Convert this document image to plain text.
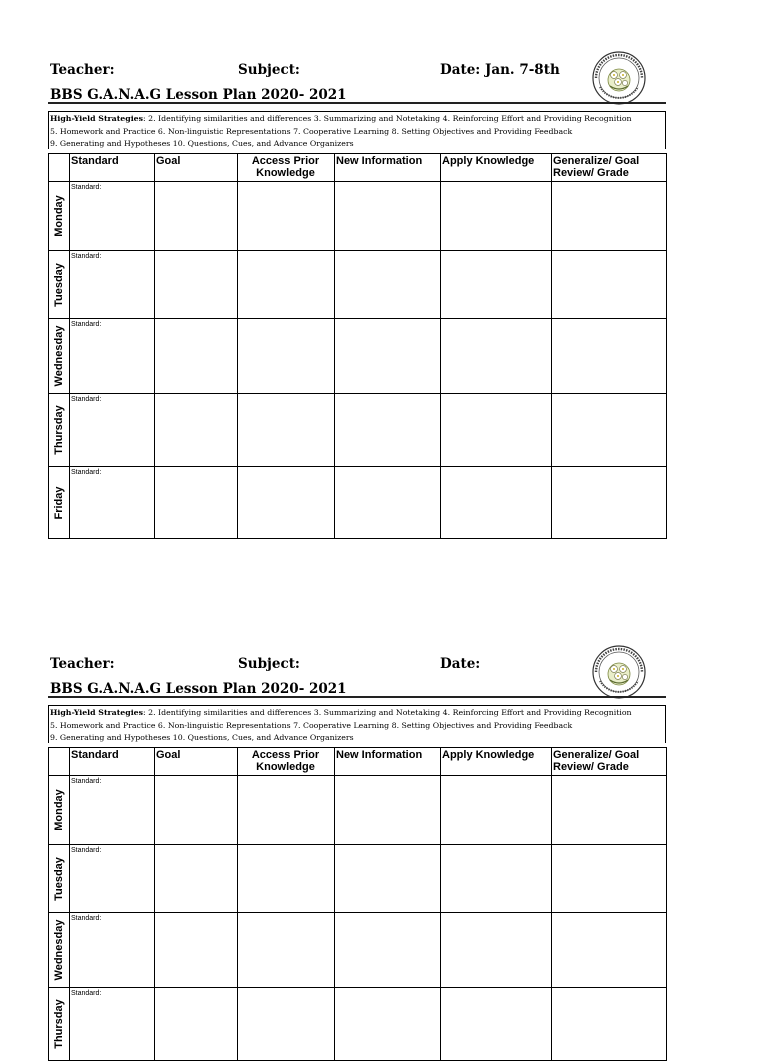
Teacher:	Subject:	Date: Jan. 7-8th
BBS G.A.N.A.G Lesson Plan 2020- 2021
High-Yield Strategies: 2. Identifying similarities and differences 3. Summarizing and Notetaking 4. Reinforcing Effort and Providing Recognition
5. Homework and Practice 6. Non-linguistic Representations 7. Cooperative Learning 8. Setting Objectives and Providing Feedback
9. Generating and Hypotheses 10. Questions, Cues, and Advance Organizers
	Standard	Goal	Access Prior Knowledge	New Information	Apply Knowledge	Generalize/ Goal Review/ Grade

Monday	Standard:					

Tuesday	Standard:					

Wednesday	Standard:					

Thursday	Standard:					

Friday	Standard:					

Teacher:	Subject:	Date:
BBS G.A.N.A.G Lesson Plan 2020- 2021
High-Yield Strategies: 2. Identifying similarities and differences 3. Summarizing and Notetaking 4. Reinforcing Effort and Providing Recognition
5. Homework and Practice 6. Non-linguistic Representations 7. Cooperative Learning 8. Setting Objectives and Providing Feedback
9. Generating and Hypotheses 10. Questions, Cues, and Advance Organizers
	Standard	Goal	Access Prior Knowledge	New Information	Apply Knowledge	Generalize/ Goal Review/ Grade

Monday	Standard:					

Tuesday	Standard:					

Wednesday	Standard:					

Thursday	Standard:					
